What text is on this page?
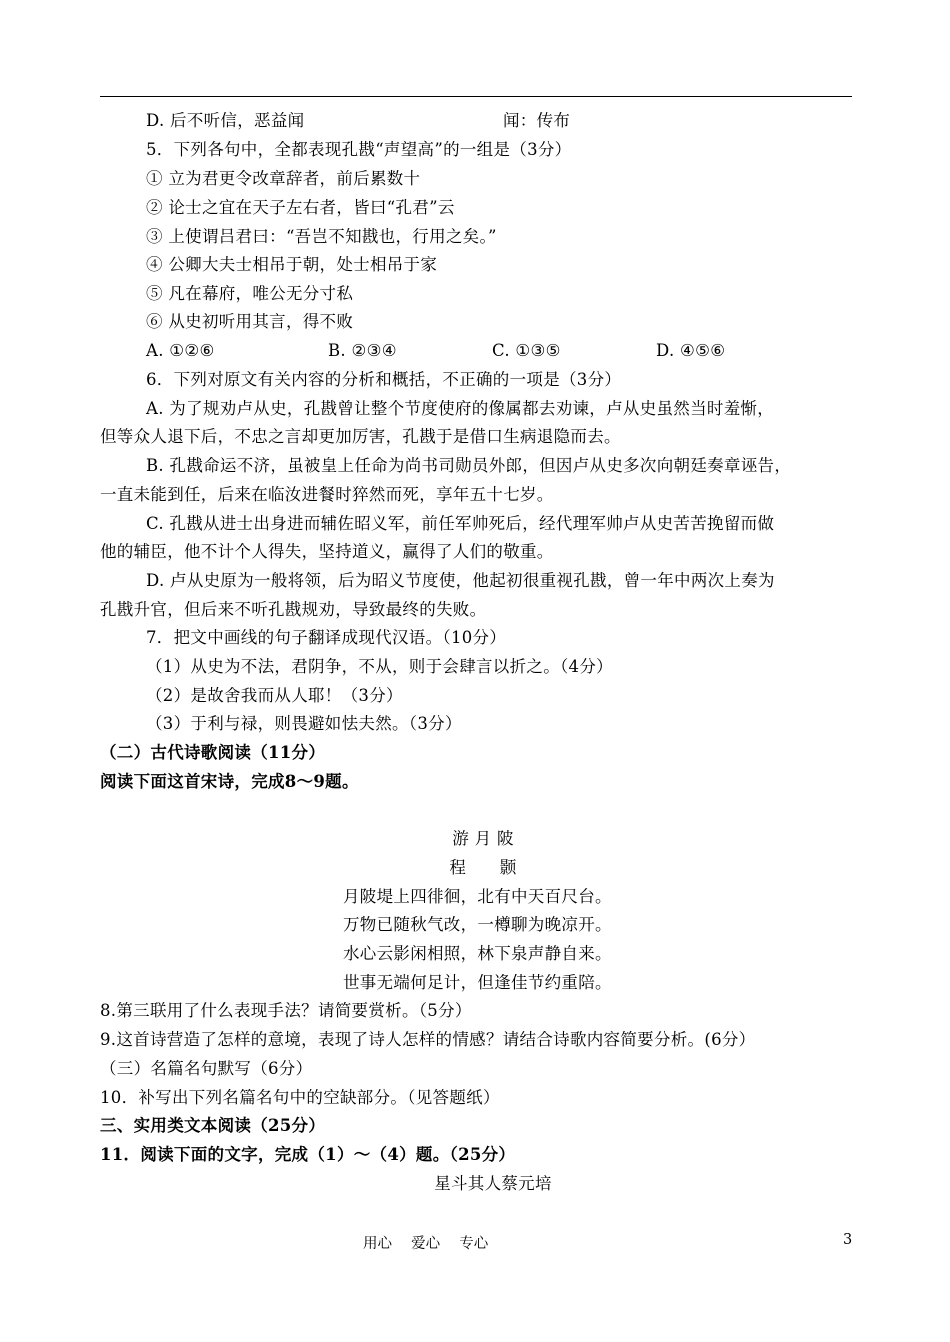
D. 后不听信，恶益闻	闻：传布
5．下列各句中，全都表现孔戡“声望高”的一组是（3分）
① 立为君更令改章辞者，前后累数十
② 论士之宜在天子左右者，皆曰“孔君”云
③ 上使谓吕君曰：“吾岂不知戡也，行用之矣。”
④ 公卿大夫士相吊于朝，处士相吊于家
⑤ 凡在幕府，唯公无分寸私
⑥ 从史初听用其言，得不败
A. ①②⑥	B. ②③④	C. ①③⑤	D. ④⑤⑥
6．下列对原文有关内容的分析和概括，不正确的一项是（3分）
A. 为了规劝卢从史，孔戡曾让整个节度使府的像属都去劝谏，卢从史虽然当时羞惭，
但等众人退下后，不忠之言却更加厉害，孔戡于是借口生病退隐而去。
B. 孔戡命运不济，虽被皇上任命为尚书司勋员外郎，但因卢从史多次向朝廷奏章诬告，
一直未能到任，后来在临汝进餐时猝然而死，享年五十七岁。
C. 孔戡从进士出身进而辅佐昭义军，前任军帅死后，经代理军帅卢从史苦苦挽留而做
他的辅臣，他不计个人得失，坚持道义，赢得了人们的敬重。
D. 卢从史原为一般将领，后为昭义节度使，他起初很重视孔戡，曾一年中两次上奏为
孔戡升官，但后来不听孔戡规劝，导致最终的失败。
7．把文中画线的句子翻译成现代汉语。（10分）
（1）从史为不法，君阴争，不从，则于会肆言以折之。（4分）
（2）是故舍我而从人耶！（3分）
（3）于利与禄，则畏避如怯夫然。（3分）
（二）古代诗歌阅读（11分）
阅读下面这首宋诗，完成8～9题。
游 月 陂
程　　颢
月陂堤上四徘徊，北有中天百尺台。
万物已随秋气改，一樽聊为晚凉开。
水心云影闲相照，林下泉声静自来。
世事无端何足计，但逢佳节约重陪。
8.第三联用了什么表现手法？请简要赏析。（5分）
9.这首诗营造了怎样的意境，表现了诗人怎样的情感？请结合诗歌内容简要分析。(6分）
（三）名篇名句默写（6分）
10．补写出下列名篇名句中的空缺部分。（见答题纸）
三、实用类文本阅读（25分）
11．阅读下面的文字，完成（1）～（4）题。（25分）
星斗其人蔡元培
用心　 爱心　 专心	3
